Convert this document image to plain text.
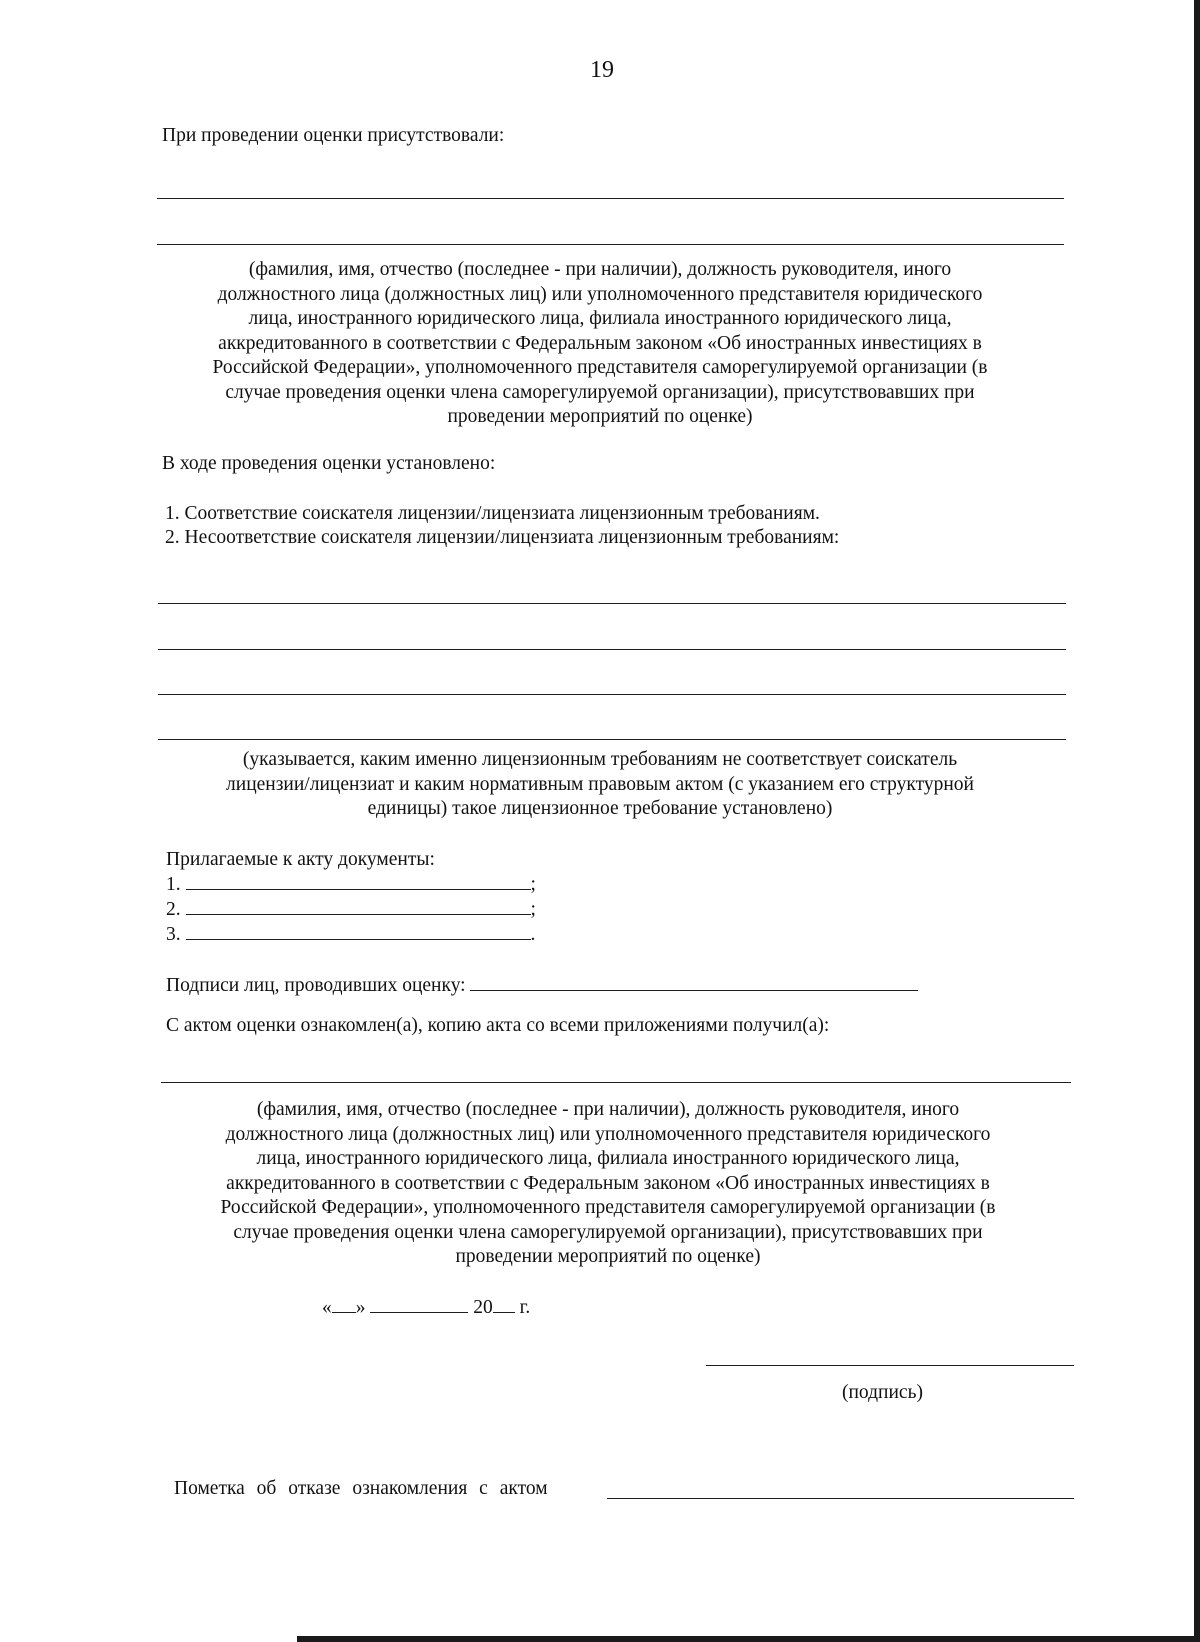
19
При проведении оценки присутствовали:
(фамилия, имя, отчество (последнее - при наличии), должность руководителя, иного
должностного лица (должностных лиц) или уполномоченного представителя юридического
лица, иностранного юридического лица, филиала иностранного юридического лица,
аккредитованного в соответствии с Федеральным законом «Об иностранных инвестициях в
Российской Федерации», уполномоченного представителя саморегулируемой организации (в
случае проведения оценки члена саморегулируемой организации), присутствовавших при
проведении мероприятий по оценке)
В ходе проведения оценки установлено:
1. Соответствие соискателя лицензии/лицензиата лицензионным требованиям.
2. Несоответствие соискателя лицензии/лицензиата лицензионным требованиям:
(указывается, каким именно лицензионным требованиям не соответствует соискатель
лицензии/лицензиат и каким нормативным правовым актом (с указанием его структурной
единицы) такое лицензионное требование установлено)
Прилагаемые к акту документы:
1.	;
2.	;
3.	.
Подписи лиц, проводивших оценку:
С актом оценки ознакомлен(а), копию акта со всеми приложениями получил(а):
(фамилия, имя, отчество (последнее - при наличии), должность руководителя, иного
должностного лица (должностных лиц) или уполномоченного представителя юридического
лица, иностранного юридического лица, филиала иностранного юридического лица,
аккредитованного в соответствии с Федеральным законом «Об иностранных инвестициях в
Российской Федерации», уполномоченного представителя саморегулируемой организации (в
случае проведения оценки члена саморегулируемой организации), присутствовавших при
проведении мероприятий по оценке)
« »	20 г.
(подпись)
Пометка об отказе ознакомления с актом
